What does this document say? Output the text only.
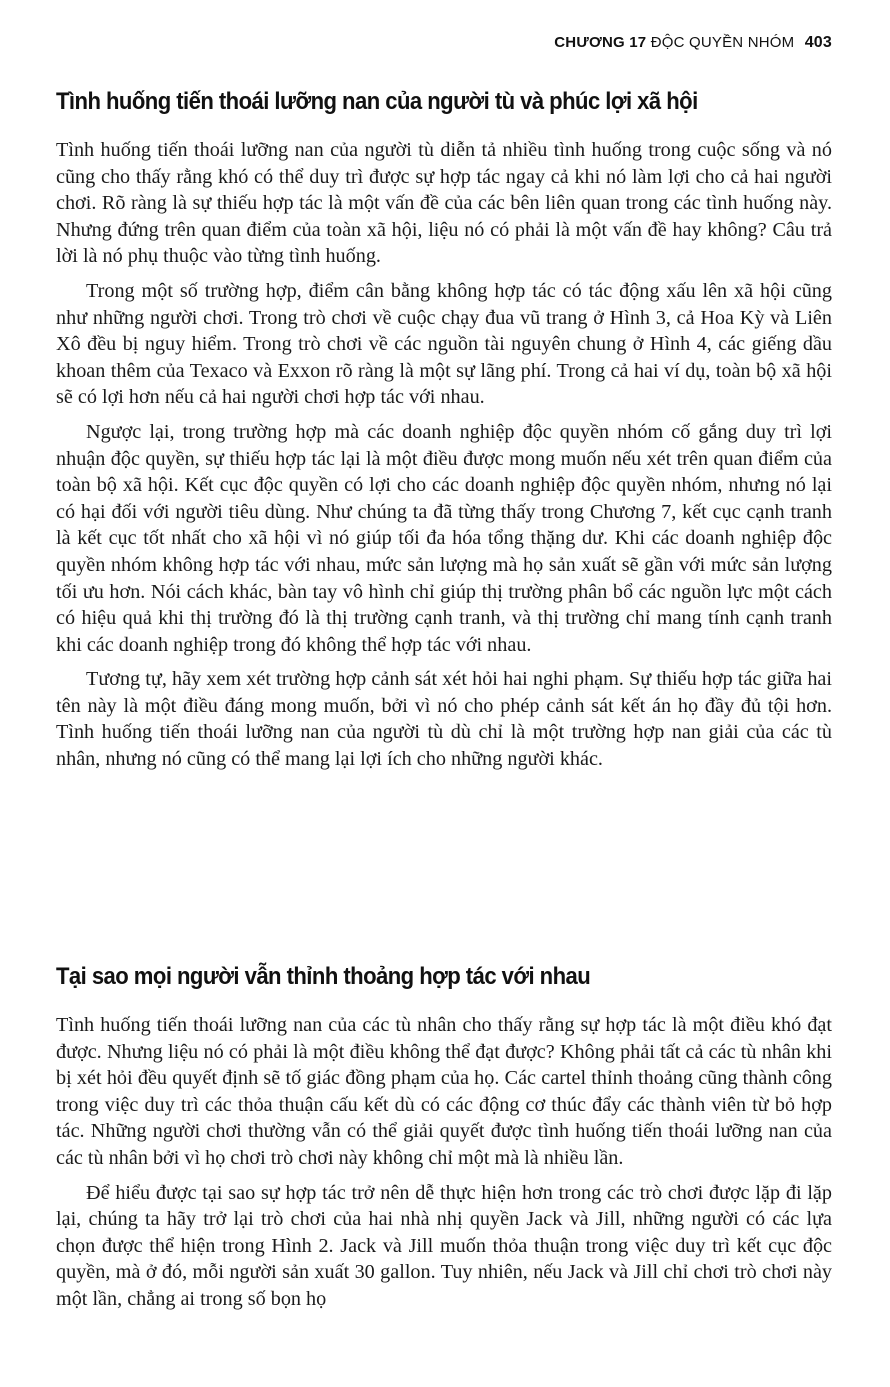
CHƯƠNG 17 ĐỘC QUYỀN NHÓM 403
Tình huống tiến thoái lưỡng nan của người tù và phúc lợi xã hội

Tình huống tiến thoái lưỡng nan của người tù diễn tả nhiều tình huống trong cuộc sống và nó cũng cho thấy rằng khó có thể duy trì được sự hợp tác ngay cả khi nó làm lợi cho cả hai người chơi. Rõ ràng là sự thiếu hợp tác là một vấn đề của các bên liên quan trong các tình huống này. Nhưng đứng trên quan điểm của toàn xã hội, liệu nó có phải là một vấn đề hay không? Câu trả lời là nó phụ thuộc vào từng tình huống.

Trong một số trường hợp, điểm cân bằng không hợp tác có tác động xấu lên xã hội cũng như những người chơi. Trong trò chơi về cuộc chạy đua vũ trang ở Hình 3, cả Hoa Kỳ và Liên Xô đều bị nguy hiểm. Trong trò chơi về các nguồn tài nguyên chung ở Hình 4, các giếng dầu khoan thêm của Texaco và Exxon rõ ràng là một sự lãng phí. Trong cả hai ví dụ, toàn bộ xã hội sẽ có lợi hơn nếu cả hai người chơi hợp tác với nhau.

Ngược lại, trong trường hợp mà các doanh nghiệp độc quyền nhóm cố gắng duy trì lợi nhuận độc quyền, sự thiếu hợp tác lại là một điều được mong muốn nếu xét trên quan điểm của toàn bộ xã hội. Kết cục độc quyền có lợi cho các doanh nghiệp độc quyền nhóm, nhưng nó lại có hại đối với người tiêu dùng. Như chúng ta đã từng thấy trong Chương 7, kết cục cạnh tranh là kết cục tốt nhất cho xã hội vì nó giúp tối đa hóa tổng thặng dư. Khi các doanh nghiệp độc quyền nhóm không hợp tác với nhau, mức sản lượng mà họ sản xuất sẽ gần với mức sản lượng tối ưu hơn. Nói cách khác, bàn tay vô hình chỉ giúp thị trường phân bổ các nguồn lực một cách có hiệu quả khi thị trường đó là thị trường cạnh tranh, và thị trường chỉ mang tính cạnh tranh khi các doanh nghiệp trong đó không thể hợp tác với nhau.

Tương tự, hãy xem xét trường hợp cảnh sát xét hỏi hai nghi phạm. Sự thiếu hợp tác giữa hai tên này là một điều đáng mong muốn, bởi vì nó cho phép cảnh sát kết án họ đầy đủ tội hơn. Tình huống tiến thoái lưỡng nan của người tù dù chỉ là một trường hợp nan giải của các tù nhân, nhưng nó cũng có thể mang lại lợi ích cho những người khác.

Tại sao mọi người vẫn thỉnh thoảng hợp tác với nhau

Tình huống tiến thoái lưỡng nan của các tù nhân cho thấy rằng sự hợp tác là một điều khó đạt được. Nhưng liệu nó có phải là một điều không thể đạt được? Không phải tất cả các tù nhân khi bị xét hỏi đều quyết định sẽ tố giác đồng phạm của họ. Các cartel thỉnh thoảng cũng thành công trong việc duy trì các thỏa thuận cấu kết dù có các động cơ thúc đẩy các thành viên từ bỏ hợp tác. Những người chơi thường vẫn có thể giải quyết được tình huống tiến thoái lưỡng nan của các tù nhân bởi vì họ chơi trò chơi này không chỉ một mà là nhiều lần.

Để hiểu được tại sao sự hợp tác trở nên dễ thực hiện hơn trong các trò chơi được lặp đi lặp lại, chúng ta hãy trở lại trò chơi của hai nhà nhị quyền Jack và Jill, những người có các lựa chọn được thể hiện trong Hình 2. Jack và Jill muốn thỏa thuận trong việc duy trì kết cục độc quyền, mà ở đó, mỗi người sản xuất 30 gallon. Tuy nhiên, nếu Jack và Jill chỉ chơi trò chơi này một lần, chẳng ai trong số bọn họ
